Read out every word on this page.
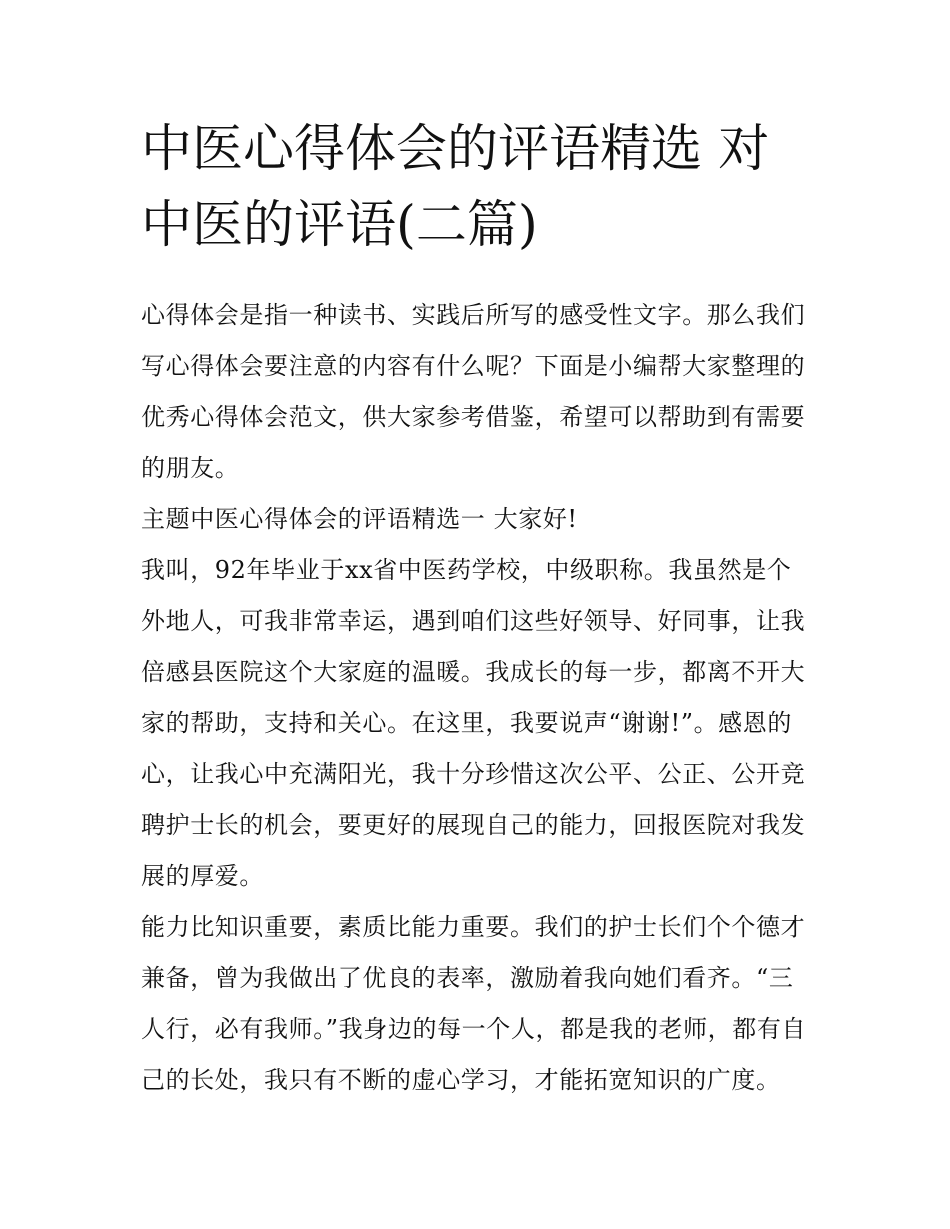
中医心得体会的评语精选 对中医的评语(二篇)

心得体会是指一种读书、实践后所写的感受性文字。那么我们写心得体会要注意的内容有什么呢？下面是小编帮大家整理的优秀心得体会范文，供大家参考借鉴，希望可以帮助到有需要的朋友。

主题中医心得体会的评语精选一 大家好!

我叫，92年毕业于xx省中医药学校，中级职称。我虽然是个外地人，可我非常幸运，遇到咱们这些好领导、好同事，让我倍感县医院这个大家庭的温暖。我成长的每一步，都离不开大家的帮助，支持和关心。在这里，我要说声“谢谢!”。感恩的心，让我心中充满阳光，我十分珍惜这次公平、公正、公开竞聘护士长的机会，要更好的展现自己的能力，回报医院对我发展的厚爱。

能力比知识重要，素质比能力重要。我们的护士长们个个德才兼备，曾为我做出了优良的表率，激励着我向她们看齐。“三人行，必有我师。”我身边的每一个人，都是我的老师，都有自己的长处，我只有不断的虚心学习，才能拓宽知识的广度。
